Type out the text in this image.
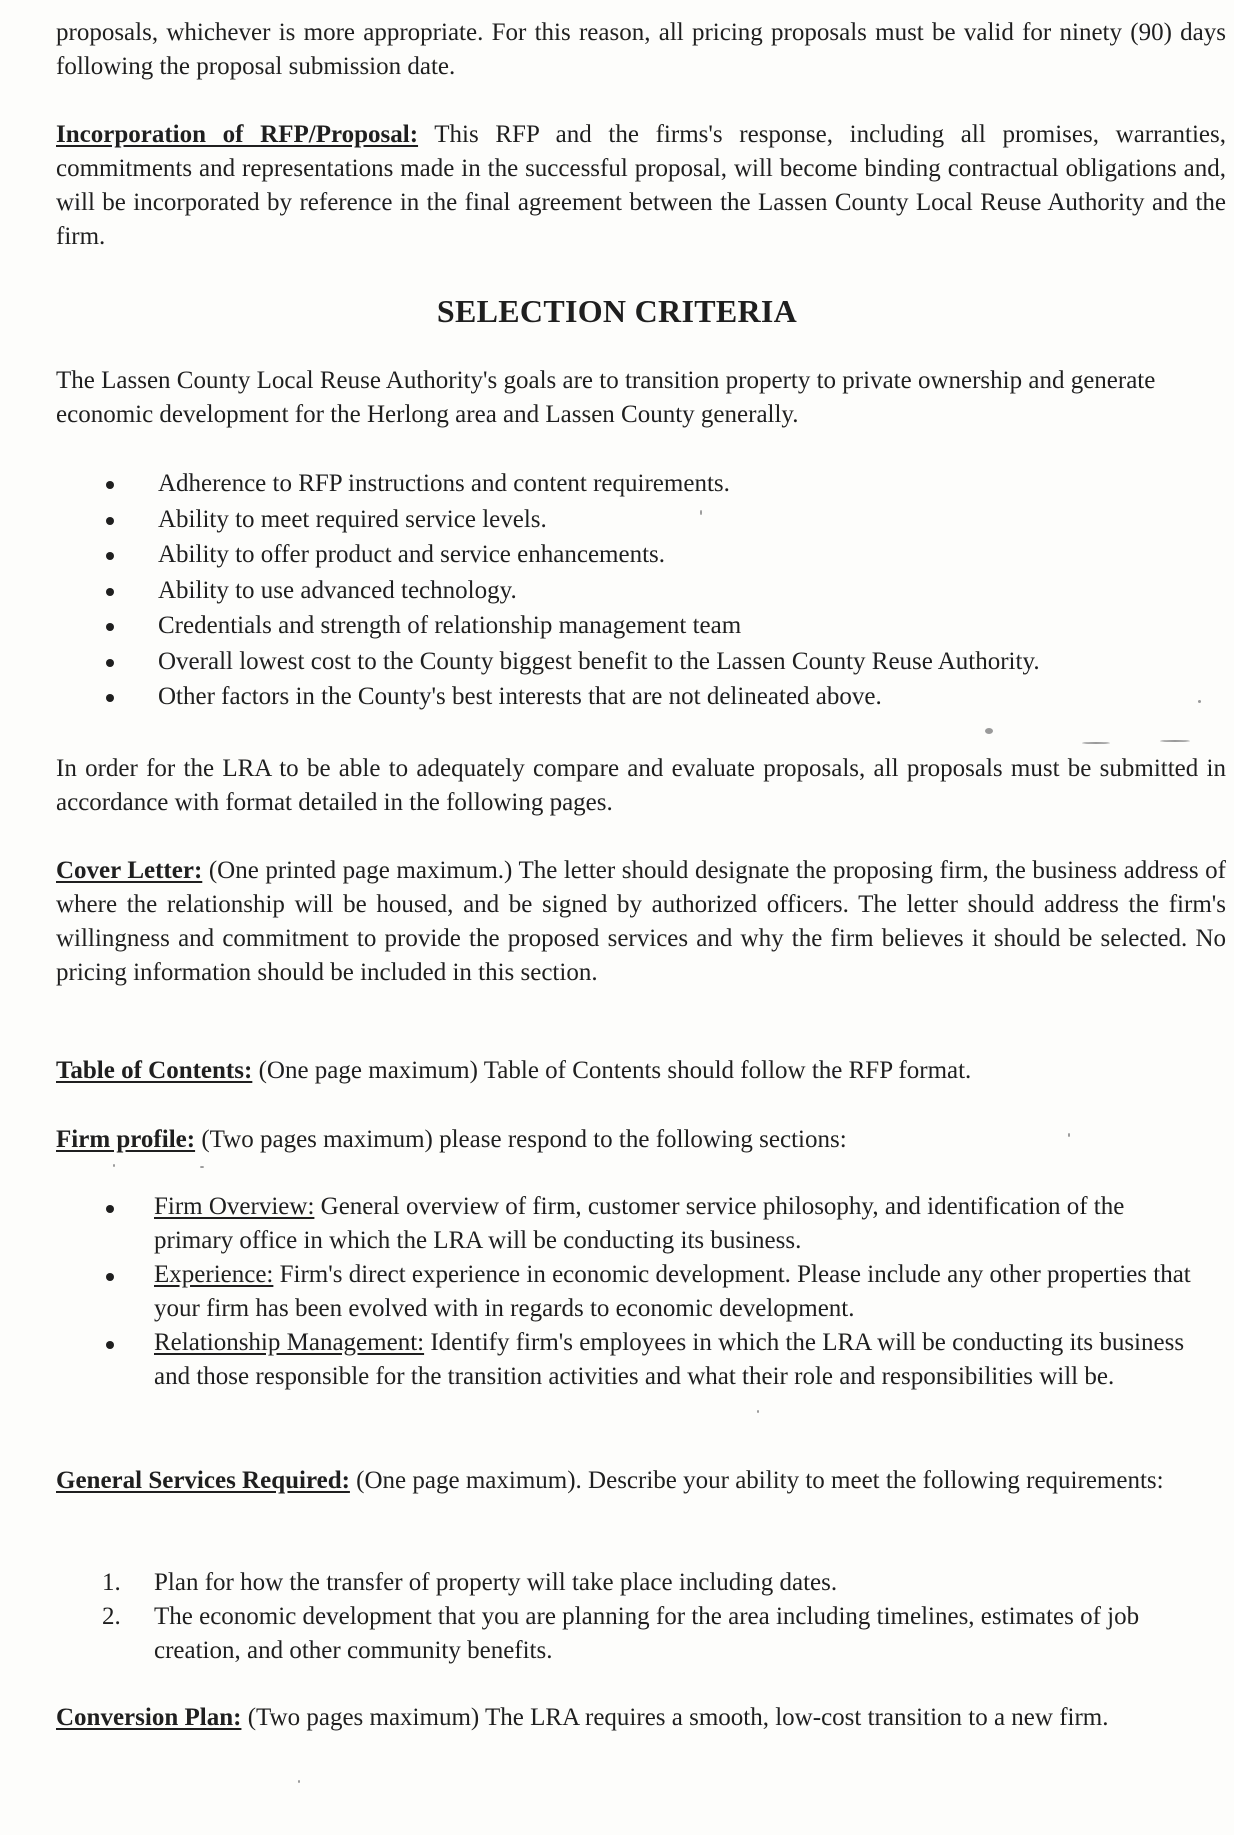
proposals, whichever is more appropriate. For this reason, all pricing proposals must be valid for ninety (90) days following the proposal submission date.
Incorporation of RFP/Proposal: This RFP and the firms's response, including all promises, warranties, commitments and representations made in the successful proposal, will become binding contractual obligations and, will be incorporated by reference in the final agreement between the Lassen County Local Reuse Authority and the firm.
SELECTION CRITERIA
The Lassen County Local Reuse Authority's goals are to transition property to private ownership and generate economic development for the Herlong area and Lassen County generally.
Adherence to RFP instructions and content requirements.
Ability to meet required service levels.
Ability to offer product and service enhancements.
Ability to use advanced technology.
Credentials and strength of relationship management team
Overall lowest cost to the County biggest benefit to the Lassen County Reuse Authority.
Other factors in the County's best interests that are not delineated above.
In order for the LRA to be able to adequately compare and evaluate proposals, all proposals must be submitted in accordance with format detailed in the following pages.
Cover Letter: (One printed page maximum.) The letter should designate the proposing firm, the business address of where the relationship will be housed, and be signed by authorized officers. The letter should address the firm's willingness and commitment to provide the proposed services and why the firm believes it should be selected. No pricing information should be included in this section.
Table of Contents: (One page maximum) Table of Contents should follow the RFP format.
Firm profile: (Two pages maximum) please respond to the following sections:
Firm Overview: General overview of firm, customer service philosophy, and identification of the primary office in which the LRA will be conducting its business.
Experience: Firm's direct experience in economic development. Please include any other properties that your firm has been evolved with in regards to economic development.
Relationship Management: Identify firm's employees in which the LRA will be conducting its business and those responsible for the transition activities and what their role and responsibilities will be.
General Services Required: (One page maximum). Describe your ability to meet the following requirements:
1. Plan for how the transfer of property will take place including dates.
2. The economic development that you are planning for the area including timelines, estimates of job creation, and other community benefits.
Conversion Plan: (Two pages maximum) The LRA requires a smooth, low-cost transition to a new firm.
